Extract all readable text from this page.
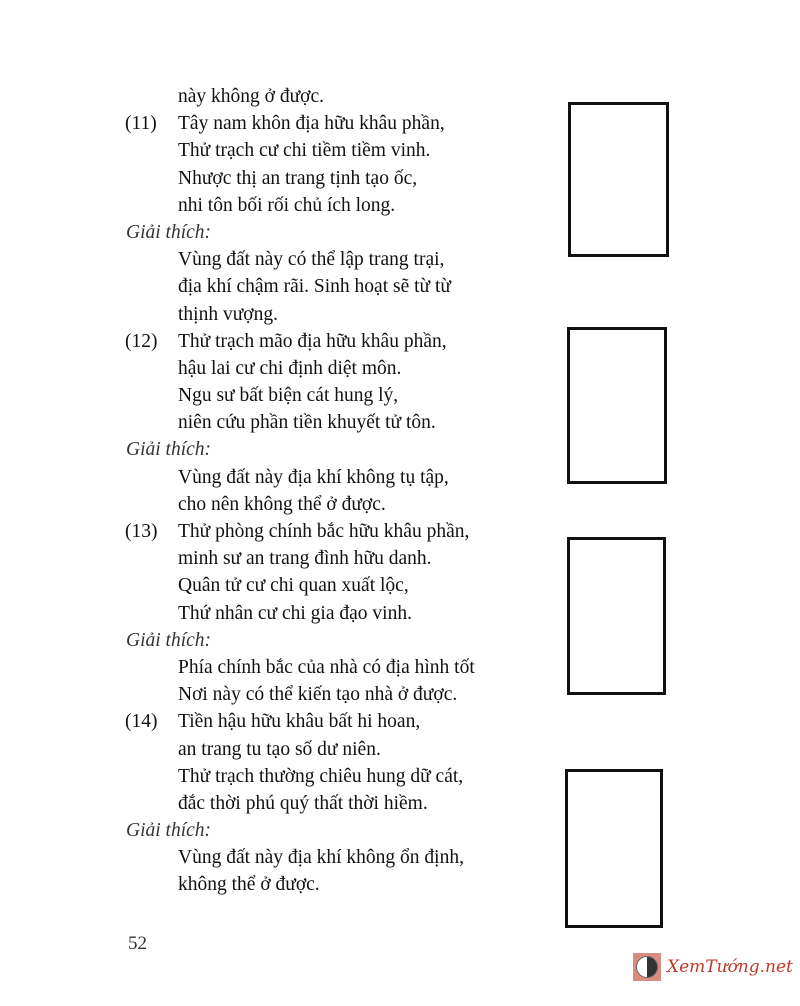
này không ở được.
(11) Tây nam khôn địa hữu khâu phần,
Thử trạch cư chi tiềm tiềm vinh.
Nhược thị an trang tịnh tạo ốc,
nhi tôn bối rối chủ ích long.
Giải thích:
Vùng đất này có thể lập trang trại,
địa khí chậm rãi. Sinh hoạt sẽ từ từ
thịnh vượng.
(12) Thử trạch mão địa hữu khâu phần,
hậu lai cư chi định diệt môn.
Ngu sư bất biện cát hung lý,
niên cứu phần tiền khuyết tử tôn.
Giải thích:
Vùng đất này địa khí không tụ tập,
cho nên không thể ở được.
(13) Thử phòng chính bắc hữu khâu phần,
minh sư an trang đình hữu danh.
Quân tử cư chi quan xuất lộc,
Thứ nhân cư chi gia đạo vinh.
Giải thích:
Phía chính bắc của nhà có địa hình tốt
Nơi này có thể kiến tạo nhà ở được.
(14) Tiền hậu hữu khâu bất hi hoan,
an trang tu tạo số dư niên.
Thử trạch thường chiêu hung dữ cát,
đắc thời phú quý thất thời hiềm.
Giải thích:
Vùng đất này địa khí không ổn định,
không thể ở được.
52
XemTướng.net
